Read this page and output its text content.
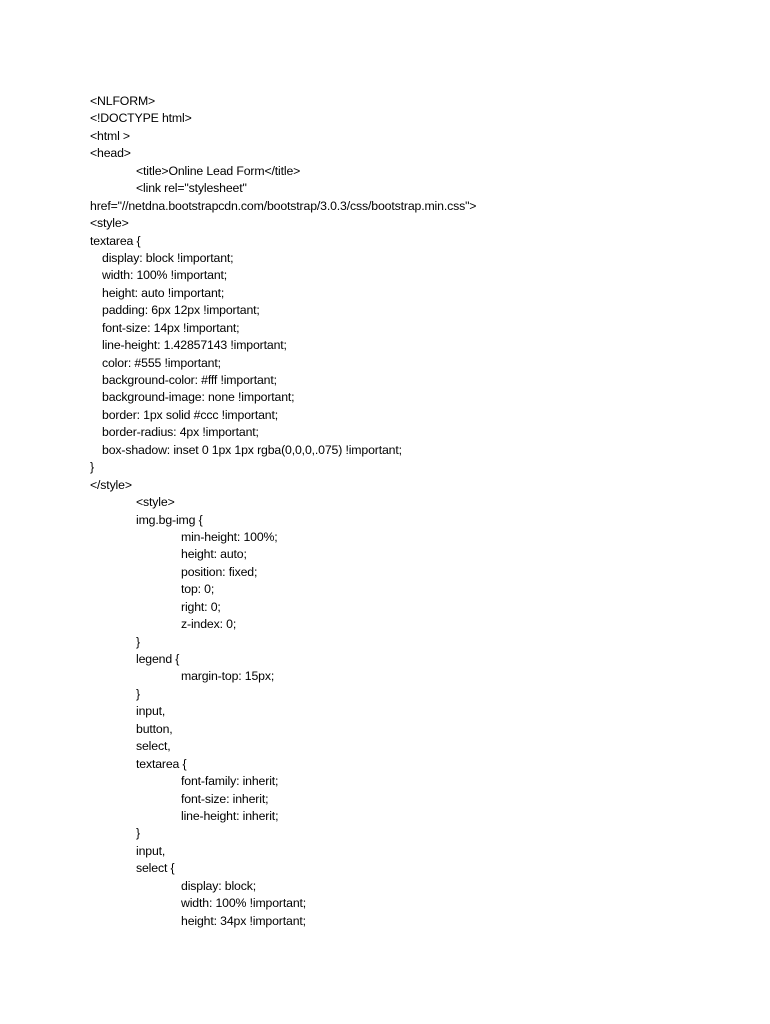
<NLFORM>
<!DOCTYPE html>
<html >
<head>
<title>Online Lead Form</title>
<link rel="stylesheet"
href="//netdna.bootstrapcdn.com/bootstrap/3.0.3/css/bootstrap.min.css">
<style>
textarea {
display: block !important;
width: 100% !important;
height: auto !important;
padding: 6px 12px !important;
font-size: 14px !important;
line-height: 1.42857143 !important;
color: #555 !important;
background-color: #fff !important;
background-image: none !important;
border: 1px solid #ccc !important;
border-radius: 4px !important;
box-shadow: inset 0 1px 1px rgba(0,0,0,.075) !important;
}
</style>
<style>
img.bg-img {
min-height: 100%;
height: auto;
position: fixed;
top: 0;
right: 0;
z-index: 0;
}
legend {
margin-top: 15px;
}
input,
button,
select,
textarea {
font-family: inherit;
font-size: inherit;
line-height: inherit;
}
input,
select {
display: block;
width: 100% !important;
height: 34px !important;
